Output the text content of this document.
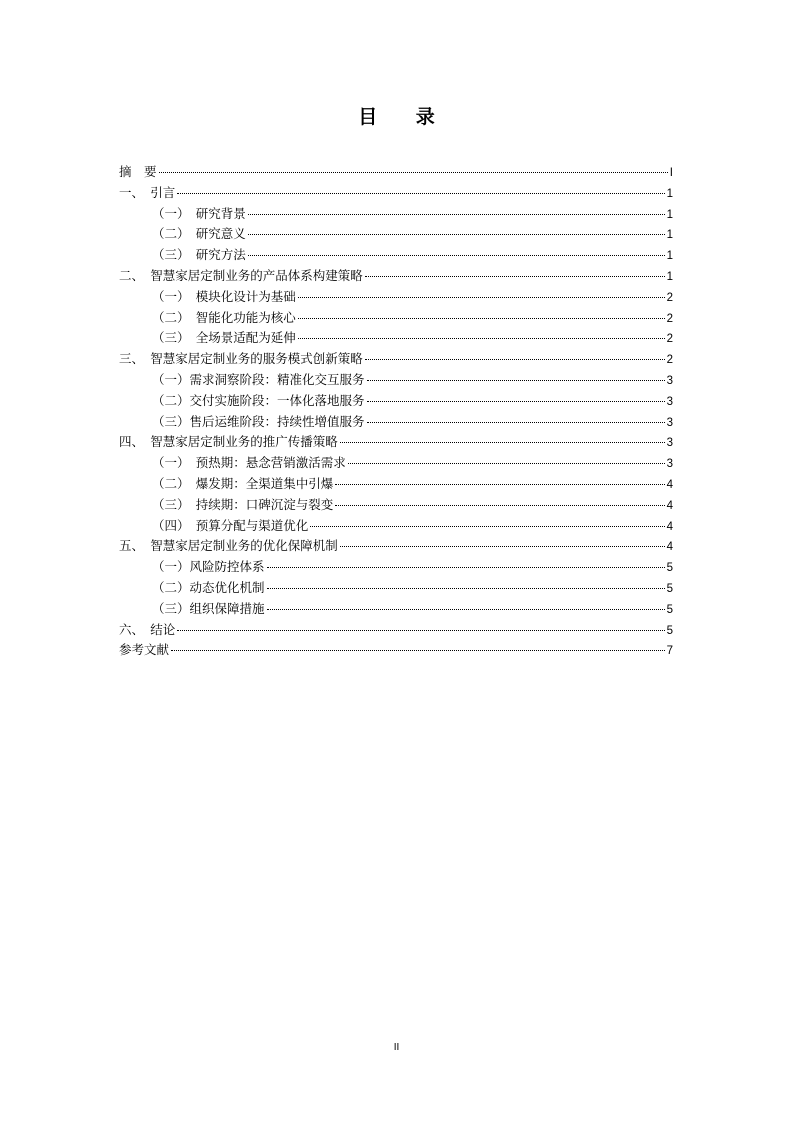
目 录
摘　要	I
一、　引言	1
（一）　研究背景	1
（二）　研究意义	1
（三）　研究方法	1
二、　智慧家居定制业务的产品体系构建策略	1
（一）　模块化设计为基础	2
（二）　智能化功能为核心	2
（三）　全场景适配为延伸	2
三、　智慧家居定制业务的服务模式创新策略	2
（一）需求洞察阶段：精准化交互服务	3
（二）交付实施阶段：一体化落地服务	3
（三）售后运维阶段：持续性增值服务	3
四、　智慧家居定制业务的推广传播策略	3
（一）　预热期：悬念营销激活需求	3
（二）　爆发期：全渠道集中引爆	4
（三）　持续期：口碑沉淀与裂变	4
（四）　预算分配与渠道优化	4
五、　智慧家居定制业务的优化保障机制	4
（一）风险防控体系	5
（二）动态优化机制	5
（三）组织保障措施	5
六、　结论	5
参考文献	7
II
